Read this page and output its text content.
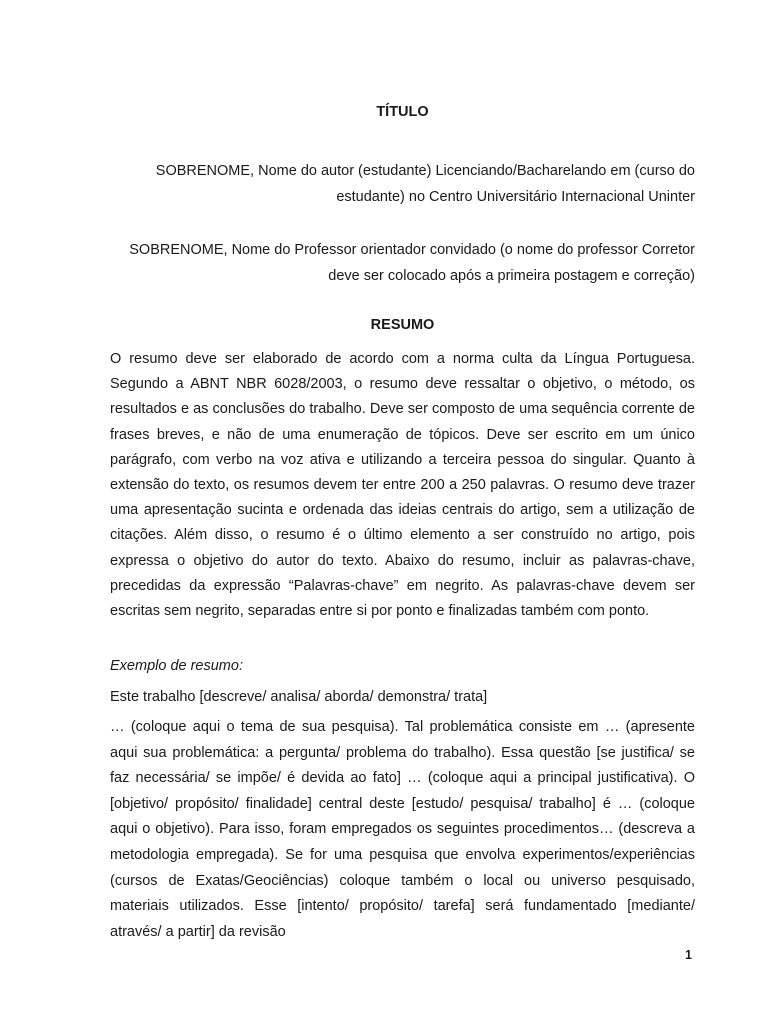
TÍTULO
SOBRENOME, Nome do autor (estudante) Licenciando/Bacharelando em (curso do estudante) no Centro Universitário Internacional Uninter
SOBRENOME, Nome do Professor orientador convidado (o nome do professor Corretor deve ser colocado após a primeira postagem e correção)
RESUMO

O resumo deve ser elaborado de acordo com a norma culta da Língua Portuguesa. Segundo a ABNT NBR 6028/2003, o resumo deve ressaltar o objetivo, o método, os resultados e as conclusões do trabalho. Deve ser composto de uma sequência corrente de frases breves, e não de uma enumeração de tópicos. Deve ser escrito em um único parágrafo, com verbo na voz ativa e utilizando a terceira pessoa do singular. Quanto à extensão do texto, os resumos devem ter entre 200 a 250 palavras. O resumo deve trazer uma apresentação sucinta e ordenada das ideias centrais do artigo, sem a utilização de citações. Além disso, o resumo é o último elemento a ser construído no artigo, pois expressa o objetivo do autor do texto. Abaixo do resumo, incluir as palavras-chave, precedidas da expressão “Palavras-chave” em negrito. As palavras-chave devem ser escritas sem negrito, separadas entre si por ponto e finalizadas também com ponto.

Exemplo de resumo:
Este trabalho [descreve/ analisa/ aborda/ demonstra/ trata]

… (coloque aqui o tema de sua pesquisa). Tal problemática consiste em … (apresente aqui sua problemática: a pergunta/ problema do trabalho). Essa questão [se justifica/ se faz necessária/ se impõe/ é devida ao fato] … (coloque aqui a principal justificativa). O [objetivo/ propósito/ finalidade] central deste [estudo/ pesquisa/ trabalho] é … (coloque aqui o objetivo). Para isso, foram empregados os seguintes procedimentos… (descreva a metodologia empregada). Se for uma pesquisa que envolva experimentos/experiências (cursos de Exatas/Geociências) coloque também o local ou universo pesquisado, materiais utilizados. Esse [intento/ propósito/ tarefa] será fundamentado [mediante/ através/ a partir] da revisão

1
